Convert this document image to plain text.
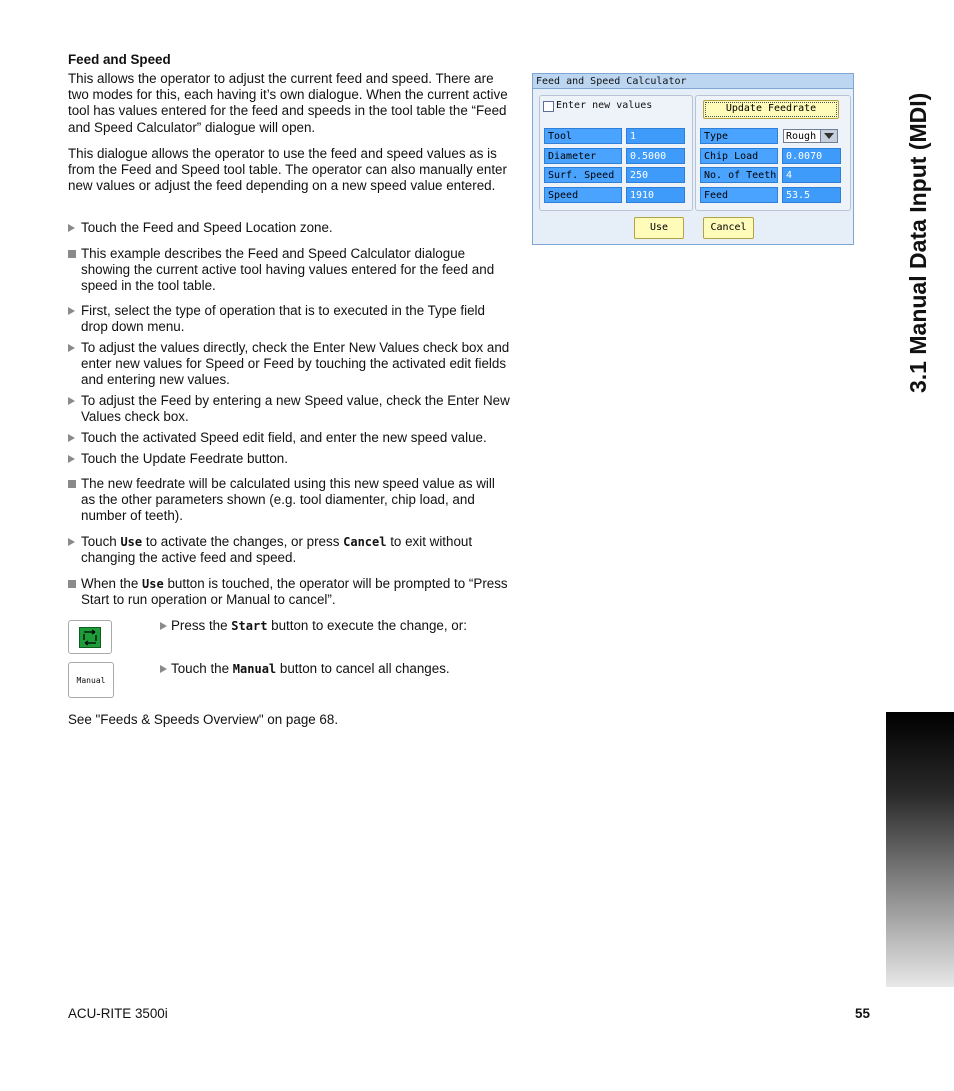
3.1 Manual Data Input (MDI)
Feed and Speed
This allows the operator to adjust the current feed and speed. There are two modes for this, each having it’s own dialogue. When the current active tool has values entered for the feed and speeds in the tool table the “Feed and Speed Calculator” dialogue will open.
This dialogue allows the operator to use the feed and speed values as is from the Feed and Speed tool table. The operator can also manually enter new values or adjust the feed depending on a new speed value entered.
Touch the Feed and Speed Location zone.
This example describes the Feed and Speed Calculator dialogue showing the current active tool having values entered for the feed and speed in the tool table.
First, select the type of operation that is to executed in the Type field drop down menu.
To adjust the values directly, check the Enter New Values check box and enter new values for Speed or Feed by touching the activated edit fields and entering new values.
To adjust the Feed by entering a new Speed value, check the Enter New Values check box.
Touch the activated Speed edit field, and enter the new speed value.
Touch the Update Feedrate button.
The new feedrate will be calculated using this new speed value as will as the other parameters shown (e.g. tool diamenter, chip load, and number of teeth).
Touch Use to activate the changes, or press Cancel to exit without changing the active feed and speed.
When the Use button is touched, the operator will be prompted to “Press Start to run operation or Manual to cancel”.
Press the Start button to execute the change, or:
Manual
Touch the Manual button to cancel all changes.
See "Feeds & Speeds Overview" on page 68.
Feed and Speed Calculator
Enter new values	Update Feedrate
Tool	1
Diameter	0.5000
Surf. Speed	250
Speed	1910
Type	Rough
Chip Load	0.0070
No. of Teeth 4
Feed	53.5
Use	Cancel
ACU-RITE 3500i	55
